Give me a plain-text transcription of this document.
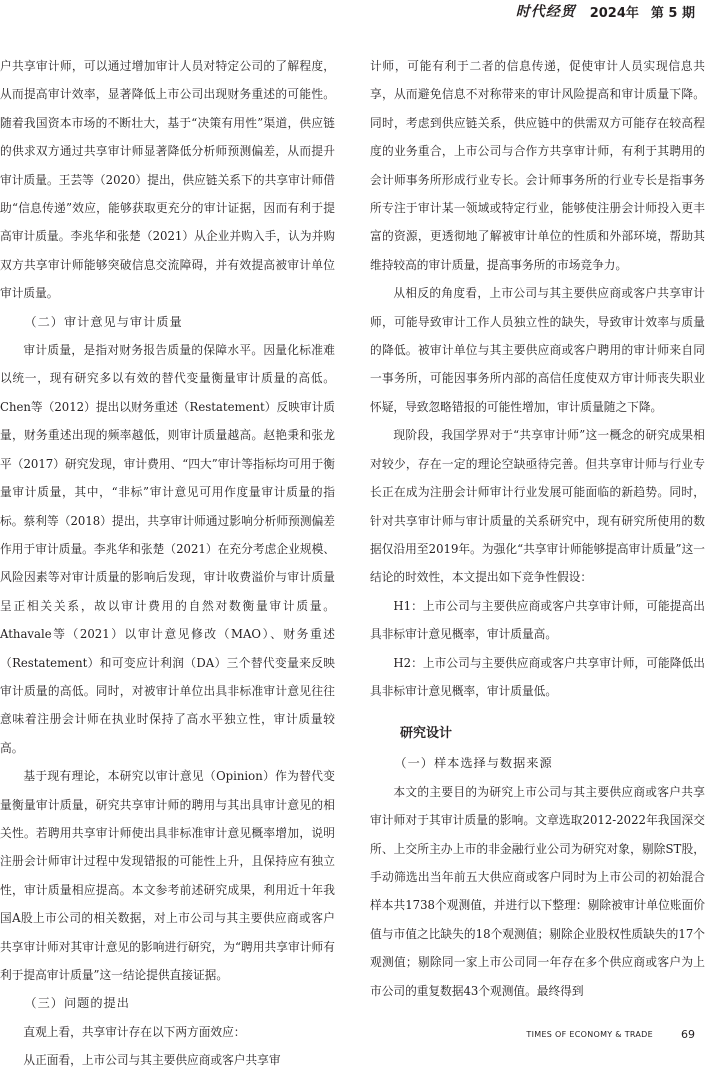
时代经贸 2024年 第 5 期

户共享审计师，可以通过增加审计人员对特定公司的了解程度，从而提高审计效率，显著降低上市公司出现财务重述的可能性。随着我国资本市场的不断壮大，基于“决策有用性”渠道，供应链的供求双方通过共享审计师显著降低分析师预测偏差，从而提升审计质量。王芸等（2020）提出，供应链关系下的共享审计师借助“信息传递”效应，能够获取更充分的审计证据，因而有利于提高审计质量。李兆华和张楚（2021）从企业并购入手，认为并购双方共享审计师能够突破信息交流障碍，并有效提高被审计单位审计质量。

（二）审计意见与审计质量

审计质量，是指对财务报告质量的保障水平。因量化标准难以统一，现有研究多以有效的替代变量衡量审计质量的高低。Chen等（2012）提出以财务重述（Restatement）反映审计质量，财务重述出现的频率越低，则审计质量越高。赵艳秉和张龙平（2017）研究发现，审计费用、“四大”审计等指标均可用于衡量审计质量，其中，“非标”审计意见可用作度量审计质量的指标。蔡利等（2018）提出，共享审计师通过影响分析师预测偏差作用于审计质量。李兆华和张楚（2021）在充分考虑企业规模、风险因素等对审计质量的影响后发现，审计收费溢价与审计质量呈正相关关系，故以审计费用的自然对数衡量审计质量。Athavale等（2021）以审计意见修改（MAO）、财务重述（Restatement）和可变应计利润（DA）三个替代变量来反映审计质量的高低。同时，对被审计单位出具非标准审计意见往往意味着注册会计师在执业时保持了高水平独立性，审计质量较高。

基于现有理论，本研究以审计意见（Opinion）作为替代变量衡量审计质量，研究共享审计师的聘用与其出具审计意见的相关性。若聘用共享审计师使出具非标准审计意见概率增加，说明注册会计师审计过程中发现错报的可能性上升，且保持应有独立性，审计质量相应提高。本文参考前述研究成果，利用近十年我国A股上市公司的相关数据，对上市公司与其主要供应商或客户共享审计师对其审计意见的影响进行研究，为“聘用共享审计师有利于提高审计质量”这一结论提供直接证据。

（三）问题的提出

直观上看，共享审计存在以下两方面效应：

从正面看，上市公司与其主要供应商或客户共享审

计师，可能有利于二者的信息传递，促使审计人员实现信息共享，从而避免信息不对称带来的审计风险提高和审计质量下降。同时，考虑到供应链关系，供应链中的供需双方可能存在较高程度的业务重合，上市公司与合作方共享审计师，有利于其聘用的会计师事务所形成行业专长。会计师事务所的行业专长是指事务所专注于审计某一领域或特定行业，能够使注册会计师投入更丰富的资源，更透彻地了解被审计单位的性质和外部环境，帮助其维持较高的审计质量，提高事务所的市场竞争力。

从相反的角度看，上市公司与其主要供应商或客户共享审计师，可能导致审计工作人员独立性的缺失，导致审计效率与质量的降低。被审计单位与其主要供应商或客户聘用的审计师来自同一事务所，可能因事务所内部的高信任度使双方审计师丧失职业怀疑，导致忽略错报的可能性增加，审计质量随之下降。

现阶段，我国学界对于“共享审计师”这一概念的研究成果相对较少，存在一定的理论空缺亟待完善。但共享审计师与行业专长正在成为注册会计师审计行业发展可能面临的新趋势。同时，针对共享审计师与审计质量的关系研究中，现有研究所使用的数据仅沿用至2019年。为强化“共享审计师能够提高审计质量”这一结论的时效性，本文提出如下竞争性假设：

H1：上市公司与主要供应商或客户共享审计师，可能提高出具非标审计意见概率，审计质量高。

H2：上市公司与主要供应商或客户共享审计师，可能降低出具非标审计意见概率，审计质量低。

研究设计
（一）样本选择与数据来源

本文的主要目的为研究上市公司与其主要供应商或客户共享审计师对于其审计质量的影响。文章选取2012-2022年我国深交所、上交所主办上市的非金融行业公司为研究对象，剔除ST股，手动筛选出当年前五大供应商或客户同时为上市公司的初始混合样本共1738个观测值，并进行以下整理：剔除被审计单位账面价值与市值之比缺失的18个观测值；剔除企业股权性质缺失的17个观测值；剔除同一家上市公司同一年存在多个供应商或客户为上市公司的重复数据43个观测值。最终得到

TIMES OF ECONOMY & TRADE	69
